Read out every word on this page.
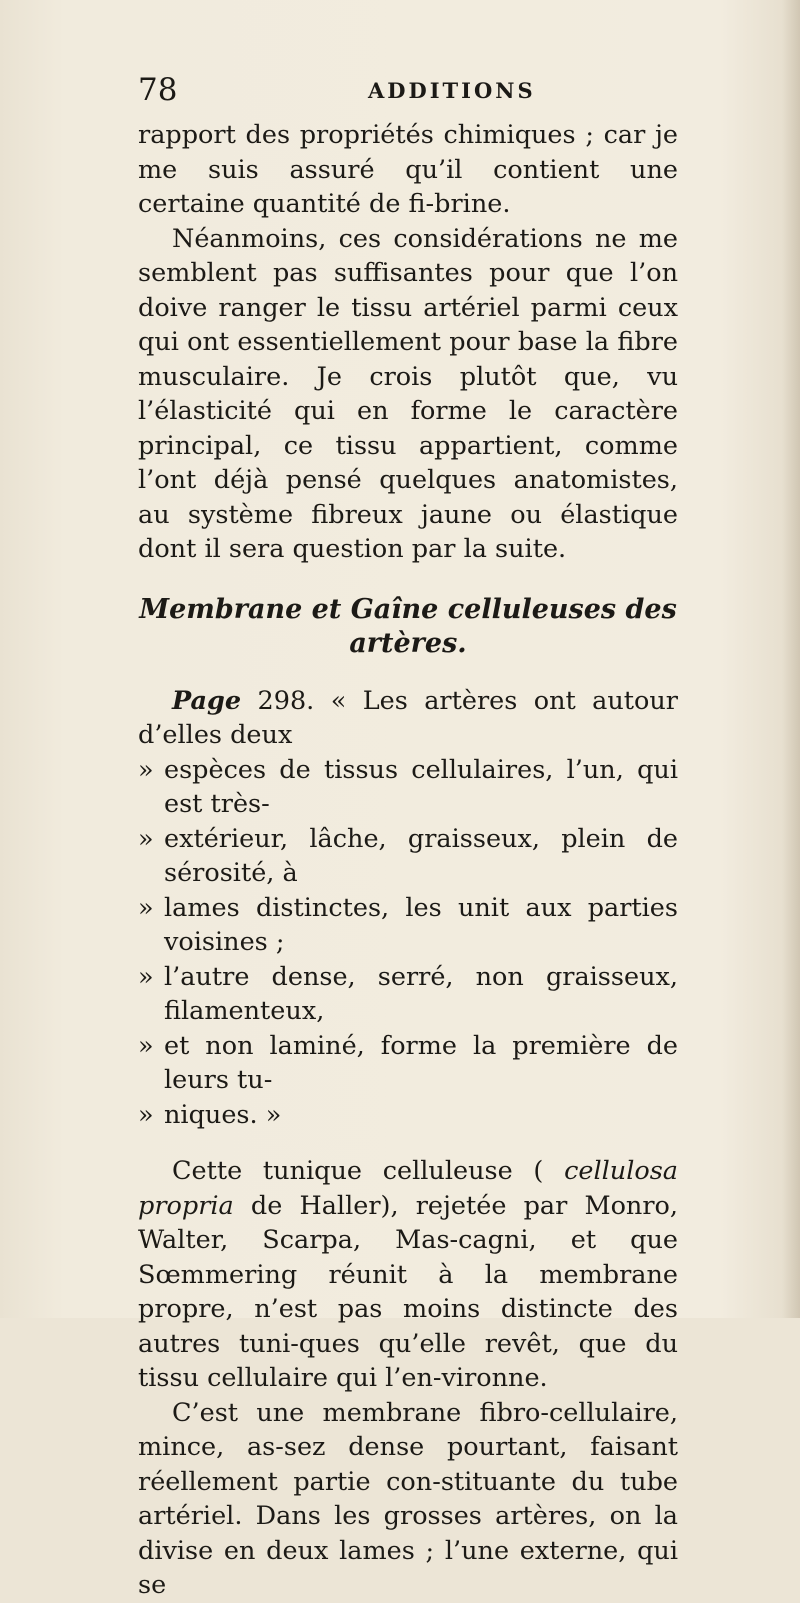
78	ADDITIONS

rapport des propriétés chimiques ; car je me suis assuré qu’il contient une certaine quantité de fi-brine.

Néanmoins, ces considérations ne me semblent pas suffisantes pour que l’on doive ranger le tissu artériel parmi ceux qui ont essentiellement pour base la fibre musculaire. Je crois plutôt que, vu l’élasticité qui en forme le caractère principal, ce tissu appartient, comme l’ont déjà pensé quelques anatomistes, au système fibreux jaune ou élastique dont il sera question par la suite.

Membrane et Gaîne celluleuses des artères.

Page 298. « Les artères ont autour d’elles deux

» espèces de tissus cellulaires, l’un, qui est très-

» extérieur, lâche, graisseux, plein de sérosité, à

» lames distinctes, les unit aux parties voisines ;

» l’autre dense, serré, non graisseux, filamenteux,

» et non laminé, forme la première de leurs tu-

» niques. »

Cette tunique celluleuse ( cellulosa propria de Haller), rejetée par Monro, Walter, Scarpa, Mas-cagni, et que Sœmmering réunit à la membrane propre, n’est pas moins distincte des autres tuni-ques qu’elle revêt, que du tissu cellulaire qui l’en-vironne.

C’est une membrane fibro-cellulaire, mince, as-sez dense pourtant, faisant réellement partie con-stituante du tube artériel. Dans les grosses artères, on la divise en deux lames ; l’une externe, qui se
